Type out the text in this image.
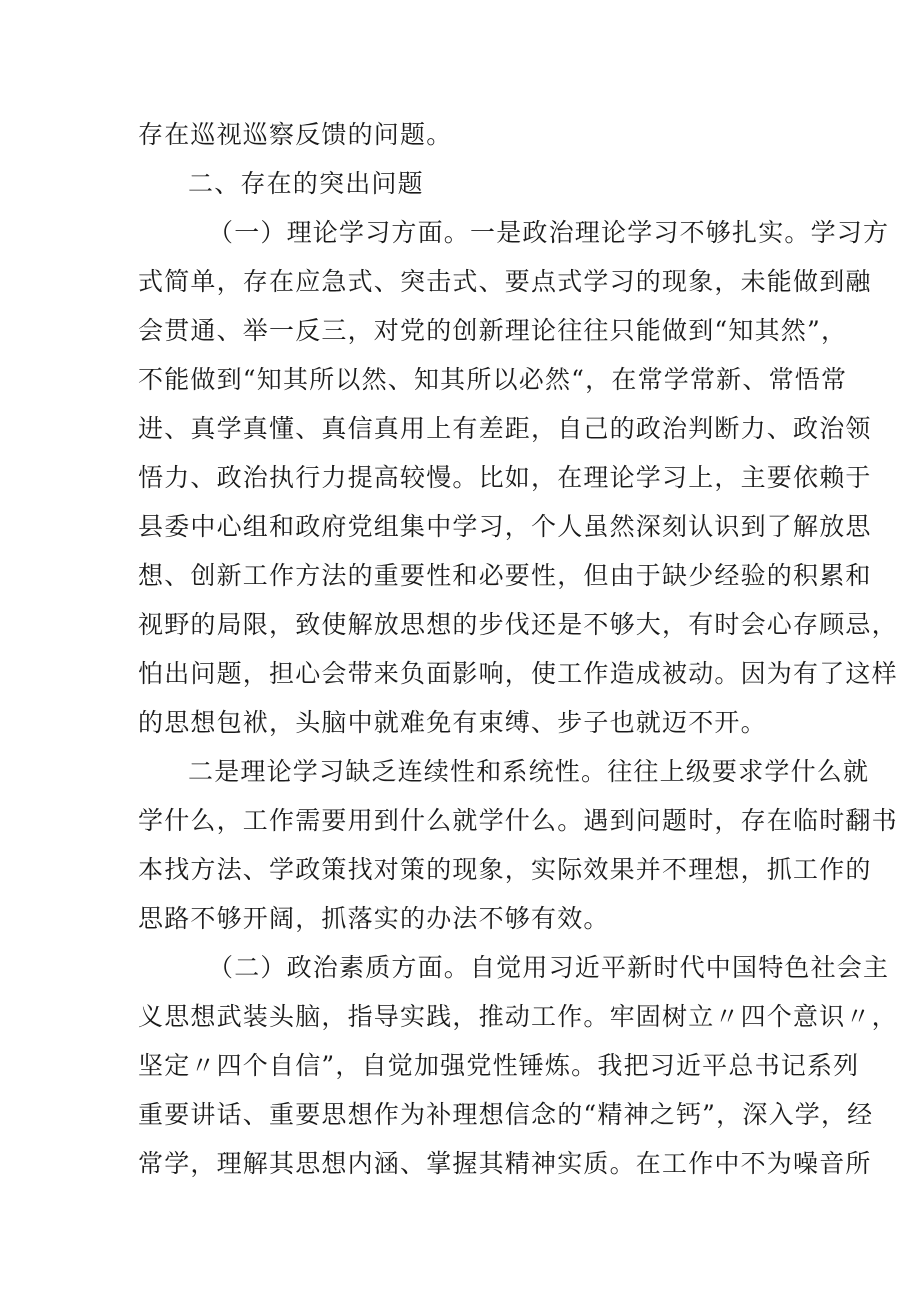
存在巡视巡察反馈的问题。
二、存在的突出问题
（一）理论学习方面。一是政治理论学习不够扎实。学习方
式简单，存在应急式、突击式、要点式学习的现象，未能做到融
会贯通、举一反三，对党的创新理论往往只能做到“知其然”，
不能做到“知其所以然、知其所以必然“，在常学常新、常悟常
进、真学真懂、真信真用上有差距，自己的政治判断力、政治领
悟力、政治执行力提高较慢。比如，在理论学习上，主要依赖于
县委中心组和政府党组集中学习，个人虽然深刻认识到了解放思
想、创新工作方法的重要性和必要性，但由于缺少经验的积累和
视野的局限，致使解放思想的步伐还是不够大，有时会心存顾忌，
怕出问题，担心会带来负面影响，使工作造成被动。因为有了这样
的思想包袱，头脑中就难免有束缚、步子也就迈不开。
二是理论学习缺乏连续性和系统性。往往上级要求学什么就
学什么，工作需要用到什么就学什么。遇到问题时，存在临时翻书
本找方法、学政策找对策的现象，实际效果并不理想，抓工作的
思路不够开阔，抓落实的办法不够有效。
（二）政治素质方面。自觉用习近平新时代中国特色社会主
义思想武装头脑，指导实践，推动工作。牢固树立〃四个意识〃，
坚定〃四个自信”，自觉加强党性锤炼。我把习近平总书记系列
重要讲话、重要思想作为补理想信念的“精神之钙”，深入学，经
常学，理解其思想内涵、掌握其精神实质。在工作中不为噪音所
